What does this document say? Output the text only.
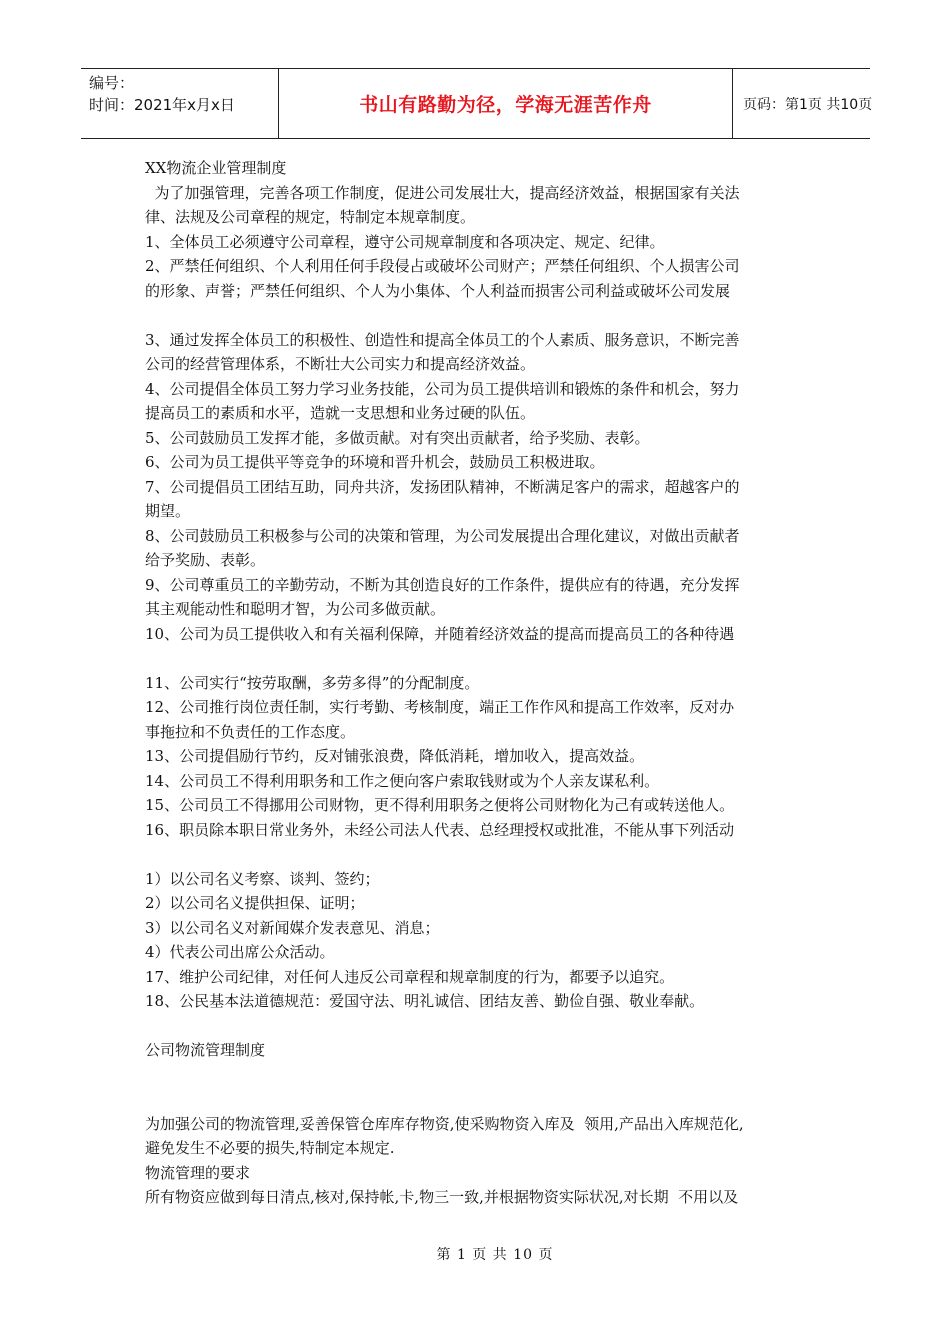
编号：
时间：2021年x月x日	书山有路勤为径，学海无涯苦作舟	页码：第1页 共10页
XX物流企业管理制度
为了加强管理，完善各项工作制度，促进公司发展壮大，提高经济效益，根据国家有关法
律、法规及公司章程的规定，特制定本规章制度。
1、全体员工必须遵守公司章程，遵守公司规章制度和各项决定、规定、纪律。
2、严禁任何组织、个人利用任何手段侵占或破坏公司财产；严禁任何组织、个人损害公司
的形象、声誉；严禁任何组织、个人为小集体、个人利益而损害公司利益或破坏公司发展
3、通过发挥全体员工的积极性、创造性和提高全体员工的个人素质、服务意识，不断完善
公司的经营管理体系，不断壮大公司实力和提高经济效益。
4、公司提倡全体员工努力学习业务技能，公司为员工提供培训和锻炼的条件和机会，努力
提高员工的素质和水平，造就一支思想和业务过硬的队伍。
5、公司鼓励员工发挥才能，多做贡献。对有突出贡献者，给予奖励、表彰。
6、公司为员工提供平等竞争的环境和晋升机会，鼓励员工积极进取。
7、公司提倡员工团结互助，同舟共济，发扬团队精神，不断满足客户的需求，超越客户的
期望。
8、公司鼓励员工积极参与公司的决策和管理，为公司发展提出合理化建议，对做出贡献者
给予奖励、表彰。
9、公司尊重员工的辛勤劳动，不断为其创造良好的工作条件，提供应有的待遇，充分发挥
其主观能动性和聪明才智，为公司多做贡献。
10、公司为员工提供收入和有关福利保障，并随着经济效益的提高而提高员工的各种待遇
11、公司实行“按劳取酬，多劳多得”的分配制度。
12、公司推行岗位责任制，实行考勤、考核制度，端正工作作风和提高工作效率，反对办
事拖拉和不负责任的工作态度。
13、公司提倡励行节约，反对铺张浪费，降低消耗，增加收入，提高效益。
14、公司员工不得利用职务和工作之便向客户索取钱财或为个人亲友谋私利。
15、公司员工不得挪用公司财物，更不得利用职务之便将公司财物化为己有或转送他人。
16、职员除本职日常业务外，未经公司法人代表、总经理授权或批准，不能从事下列活动
1）以公司名义考察、谈判、签约；
2）以公司名义提供担保、证明；
3）以公司名义对新闻媒介发表意见、消息；
4）代表公司出席公众活动。
17、维护公司纪律，对任何人违反公司章程和规章制度的行为，都要予以追究。
18、公民基本法道德规范：爱国守法、明礼诚信、团结友善、勤俭自强、敬业奉献。
公司物流管理制度
为加强公司的物流管理,妥善保管仓库库存物资,使采购物资入库及  领用,产品出入库规范化,
避免发生不必要的损失,特制定本规定.
物流管理的要求
所有物资应做到每日清点,核对,保持帐,卡,物三一致,并根据物资实际状况,对长期  不用以及
第 1 页 共 10 页
